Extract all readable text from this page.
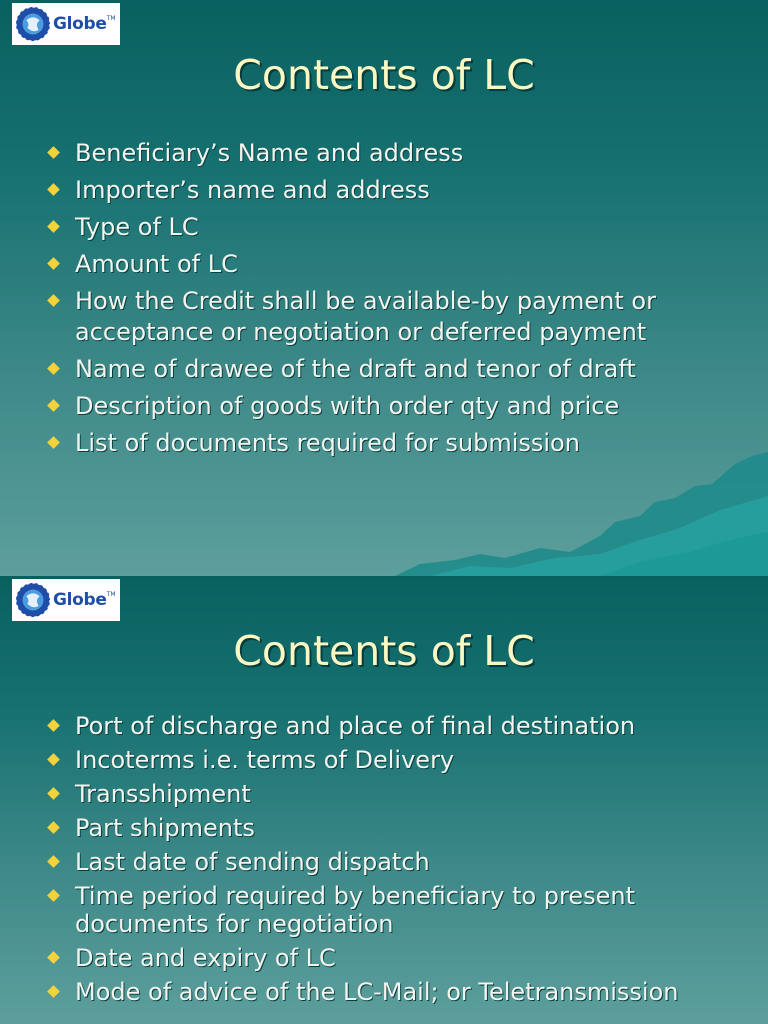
Globe TM
Contents of LC
Beneficiary’s Name and address
Importer’s name and address
Type of LC
Amount of LC
How the Credit shall be available-by payment or acceptance or negotiation or deferred payment
Name of drawee of the draft and tenor of draft
Description of goods with order qty and price
List of documents required for submission
Globe TM
Contents of LC
Port of discharge and place of final destination
Incoterms i.e. terms of Delivery
Transshipment
Part shipments
Last date of sending dispatch
Time period required by beneficiary to present documents for negotiation
Date and expiry of LC
Mode of advice of the LC-Mail; or Teletransmission
